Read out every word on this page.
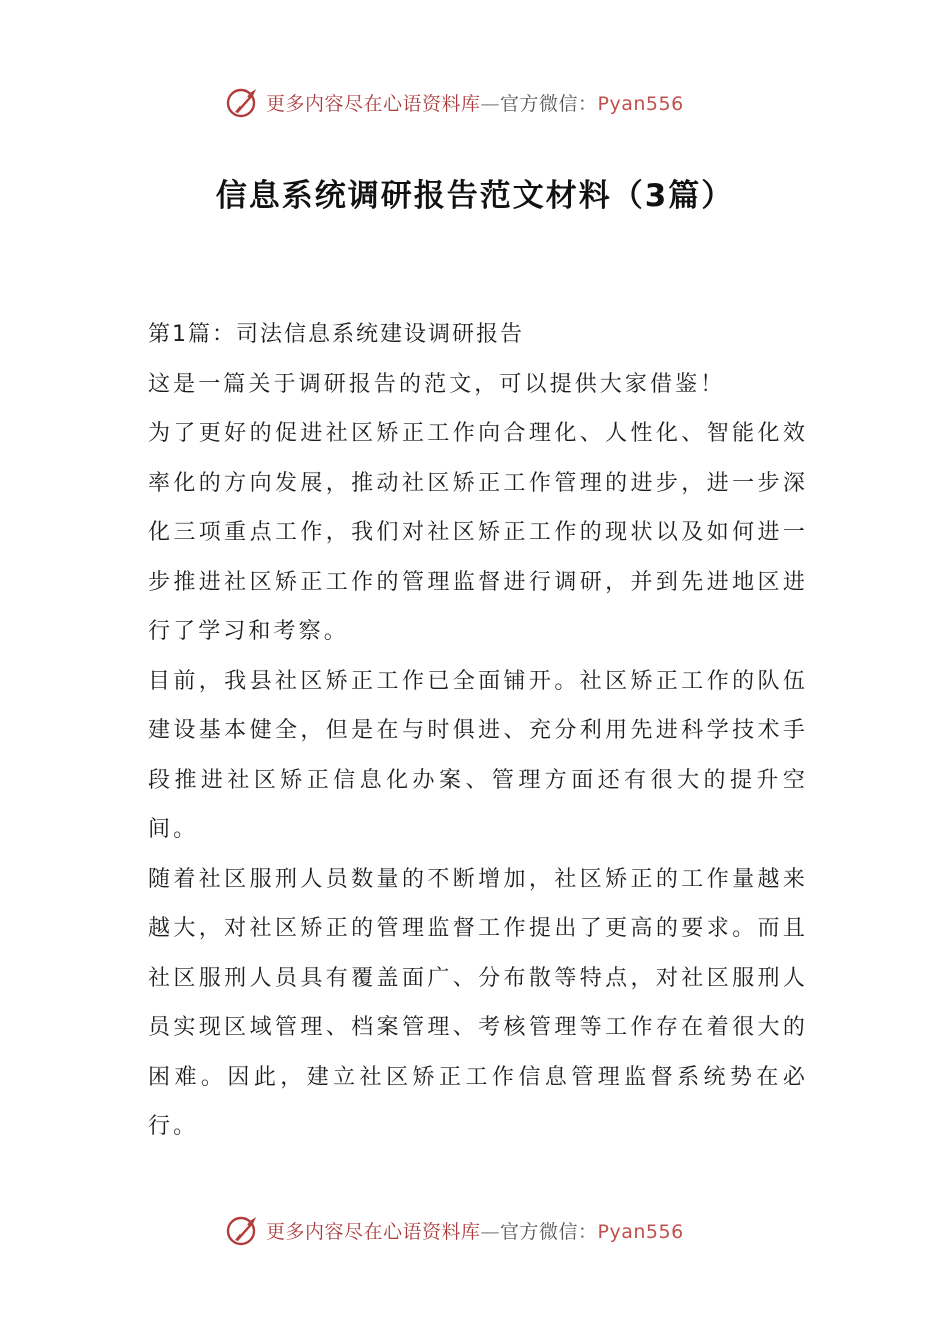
更多内容尽在心语资料库—官方微信：Pyan556
信息系统调研报告范文材料（3篇）

第1篇：司法信息系统建设调研报告

这是一篇关于调研报告的范文，可以提供大家借鉴！

为了更好的促进社区矫正工作向合理化、人性化、智能化效率化的方向发展，推动社区矫正工作管理的进步，进一步深化三项重点工作，我们对社区矫正工作的现状以及如何进一步推进社区矫正工作的管理监督进行调研，并到先进地区进行了学习和考察。

目前，我县社区矫正工作已全面铺开。社区矫正工作的队伍建设基本健全，但是在与时俱进、充分利用先进科学技术手段推进社区矫正信息化办案、管理方面还有很大的提升空间。

随着社区服刑人员数量的不断增加，社区矫正的工作量越来越大，对社区矫正的管理监督工作提出了更高的要求。而且社区服刑人员具有覆盖面广、分布散等特点，对社区服刑人员实现区域管理、档案管理、考核管理等工作存在着很大的困难。因此，建立社区矫正工作信息管理监督系统势在必行。

更多内容尽在心语资料库—官方微信：Pyan556
